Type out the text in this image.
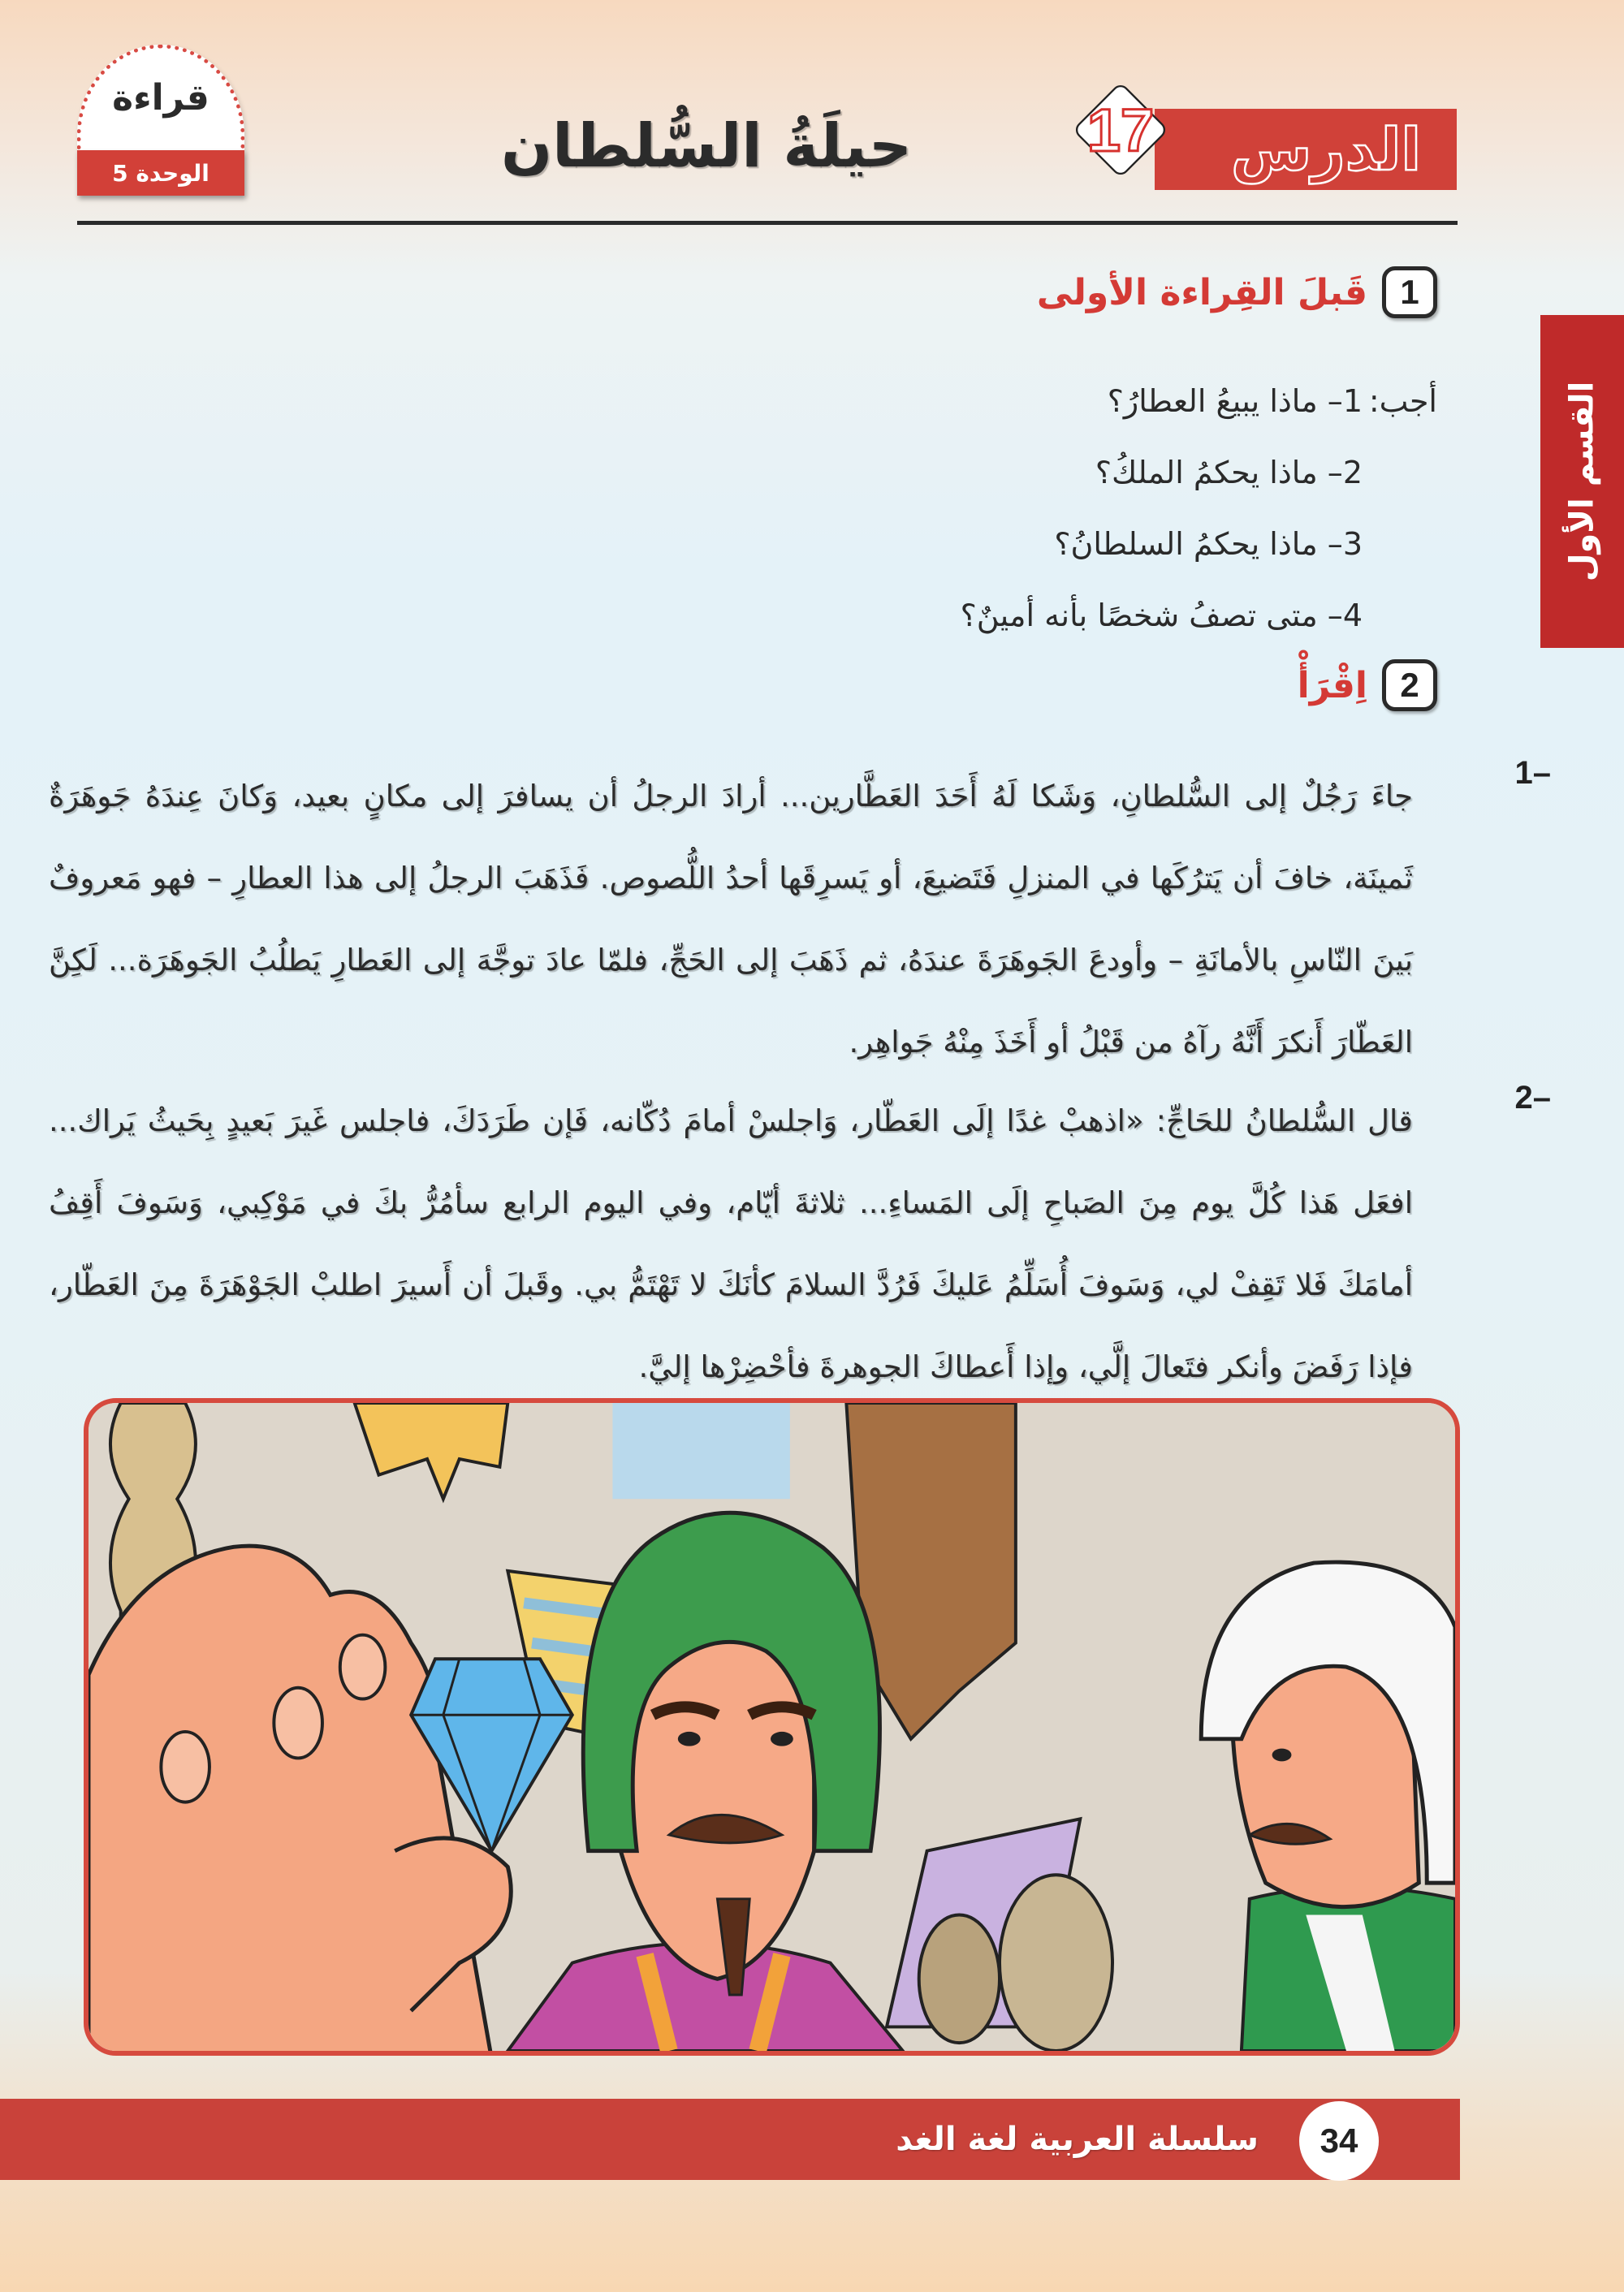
قراءة
الوحدة 5	حيلَةُ السُّلطان	الدرس
17
القسم الأول
1
قَبلَ القِراءة الأولى
أجب:
1– ماذا يبيعُ العطارُ؟
2– ماذا يحكمُ الملكُ؟
3– ماذا يحكمُ السلطانُ؟
4– متى تصفُ شخصًا بأنه أمينٌ؟
2
اِقْرَأْ
1–

جاءَ رَجُلٌ إلى السُّلطانِ، وَشَكا لَهُ أَحَدَ العَطَّارين... أرادَ الرجلُ أن يسافرَ إلى مكانٍ بعيد، وَكانَ عِندَهُ جَوهَرَةٌ ثَمينَة، خافَ أن يَترُكَها في المنزلِ فَتَضيعَ، أو يَسرِقَها أحدُ اللُّصوص. فَذَهَبَ الرجلُ إلى هذا العطارِ – فهو مَعروفٌ بَينَ النّاسِ بالأمانَةِ – وأودعَ الجَوهَرَةَ عندَهُ، ثم ذَهَبَ إلى الحَجِّ، فلمّا عادَ توجَّهَ إلى العَطارِ يَطلُبُ الجَوهَرَة... لَكِنَّ العَطّارَ أَنكرَ أَنَّهُ رآهُ من قَبْلُ أو أَخَذَ مِنْهُ جَواهِر.

2–

قال السُّلطانُ للحَاجِّ: «اذهبْ غدًا إلَى العَطّار، وَاجلسْ أمامَ دُكّانه، فَإن طَرَدَكَ، فاجلس غَيرَ بَعيدٍ بِحَيثُ يَراك... افعَل هَذا كُلَّ يوم مِنَ الصَباحِ إلَى المَساءِ... ثلاثةَ أيّام، وفي اليوم الرابع سأمُرُّ بكَ في مَوْكِبي، وَسَوفَ أَقِفُ أمامَكَ فَلا تَقِفْ لي، وَسَوفَ أُسَلِّمُ عَليكَ فَرُدَّ السلامَ كأنَكَ لا تَهْتَمُّ بي. وقَبلَ أن أَسيرَ اطلبْ الجَوْهَرَةَ مِنَ العَطّار، فإذا رَفَضَ وأنكر فتَعالَ إلَّي، وإذا أَعطاكَ الجوهرةَ فأحْضِرْها إليَّ.

سلسلة العربية لغة الغد	34
